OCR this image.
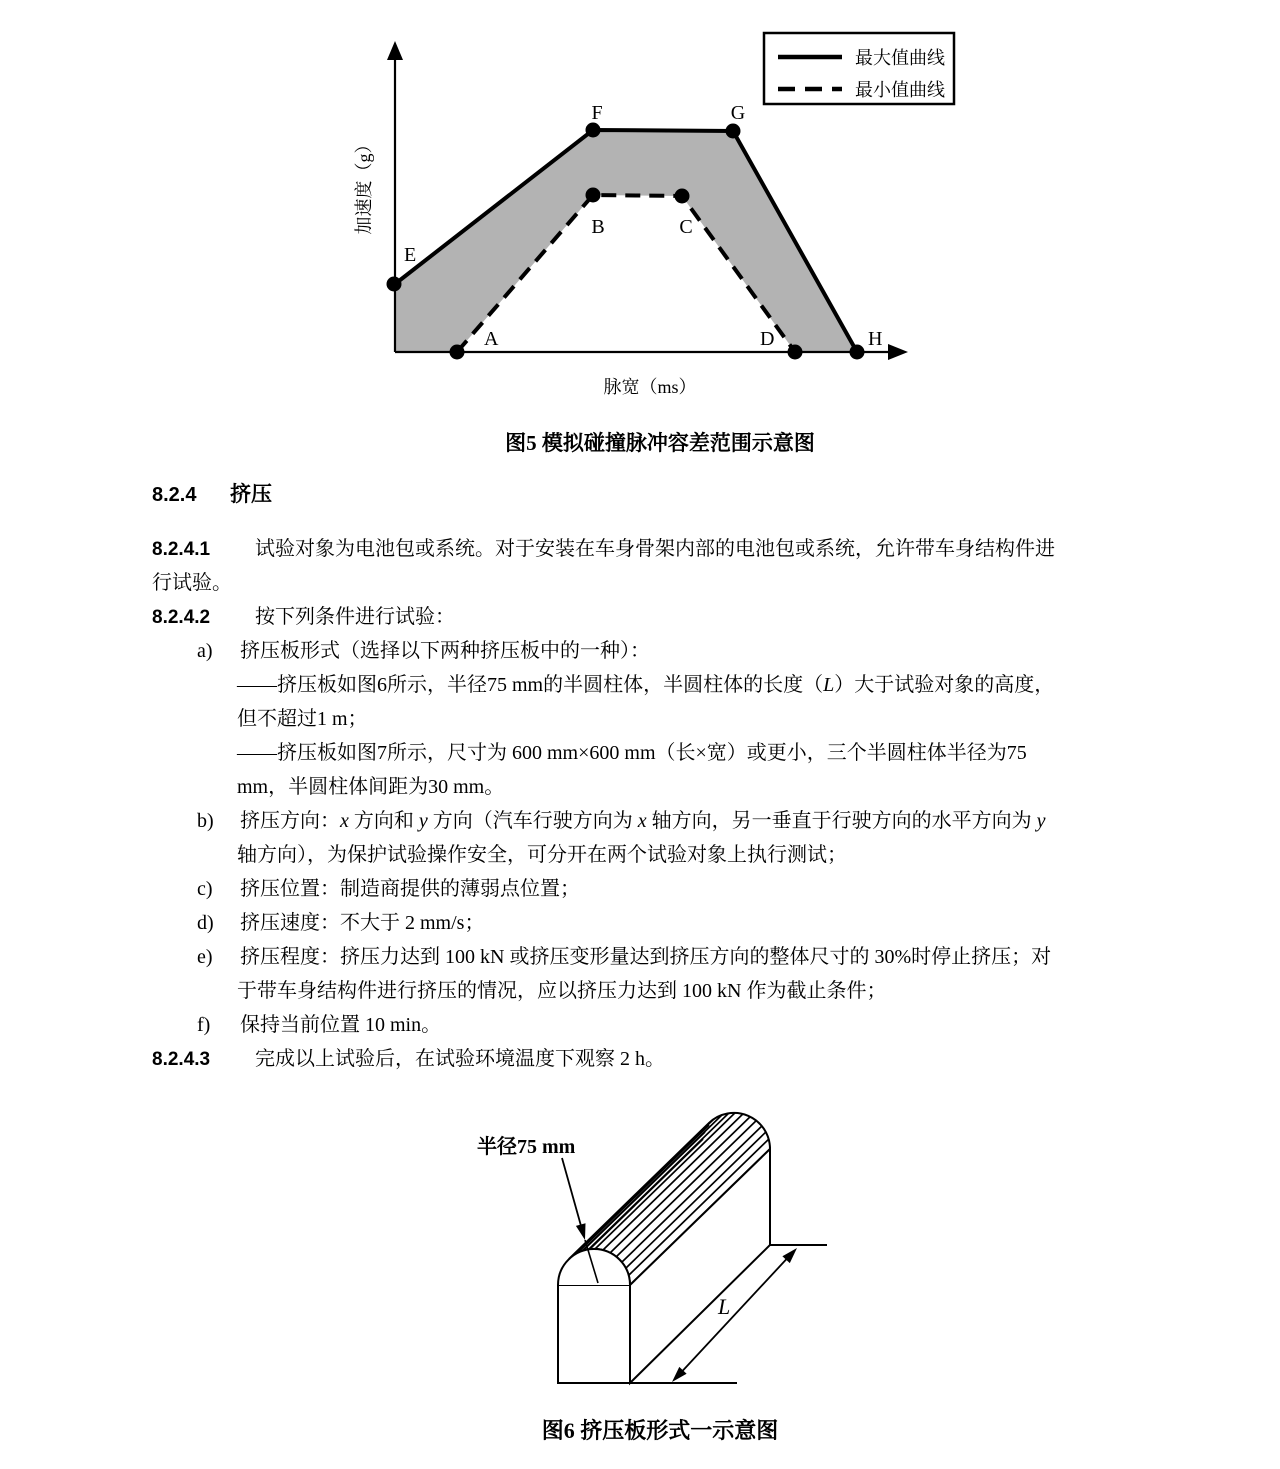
E
F	G
H
A
B	C
D
最大值曲线
最小值曲线
加速度（g）
脉宽（ms）
图5 模拟碰撞脉冲容差范围示意图
8.2.4 挤压
8.2.4.1 试验对象为电池包或系统。对于安装在车身骨架内部的电池包或系统，允许带车身结构件进
行试验。
8.2.4.2 按下列条件进行试验：
a) 挤压板形式（选择以下两种挤压板中的一种）：
——挤压板如图6所示，半径75 mm的半圆柱体，半圆柱体的长度（L）大于试验对象的高度，
但不超过1 m；
——挤压板如图7所示，尺寸为 600 mm×600 mm（长×宽）或更小，三个半圆柱体半径为75
mm，半圆柱体间距为30 mm。
b) 挤压方向：x 方向和 y 方向（汽车行驶方向为 x 轴方向，另一垂直于行驶方向的水平方向为 y
轴方向），为保护试验操作安全，可分开在两个试验对象上执行测试；
c) 挤压位置：制造商提供的薄弱点位置；
d) 挤压速度：不大于 2 mm/s；
e) 挤压程度：挤压力达到 100 kN 或挤压变形量达到挤压方向的整体尺寸的 30%时停止挤压；对
于带车身结构件进行挤压的情况，应以挤压力达到 100 kN 作为截止条件；
f) 保持当前位置 10 min。
8.2.4.3 完成以上试验后，在试验环境温度下观察 2 h。
半径75 mm
L
图6 挤压板形式一示意图
